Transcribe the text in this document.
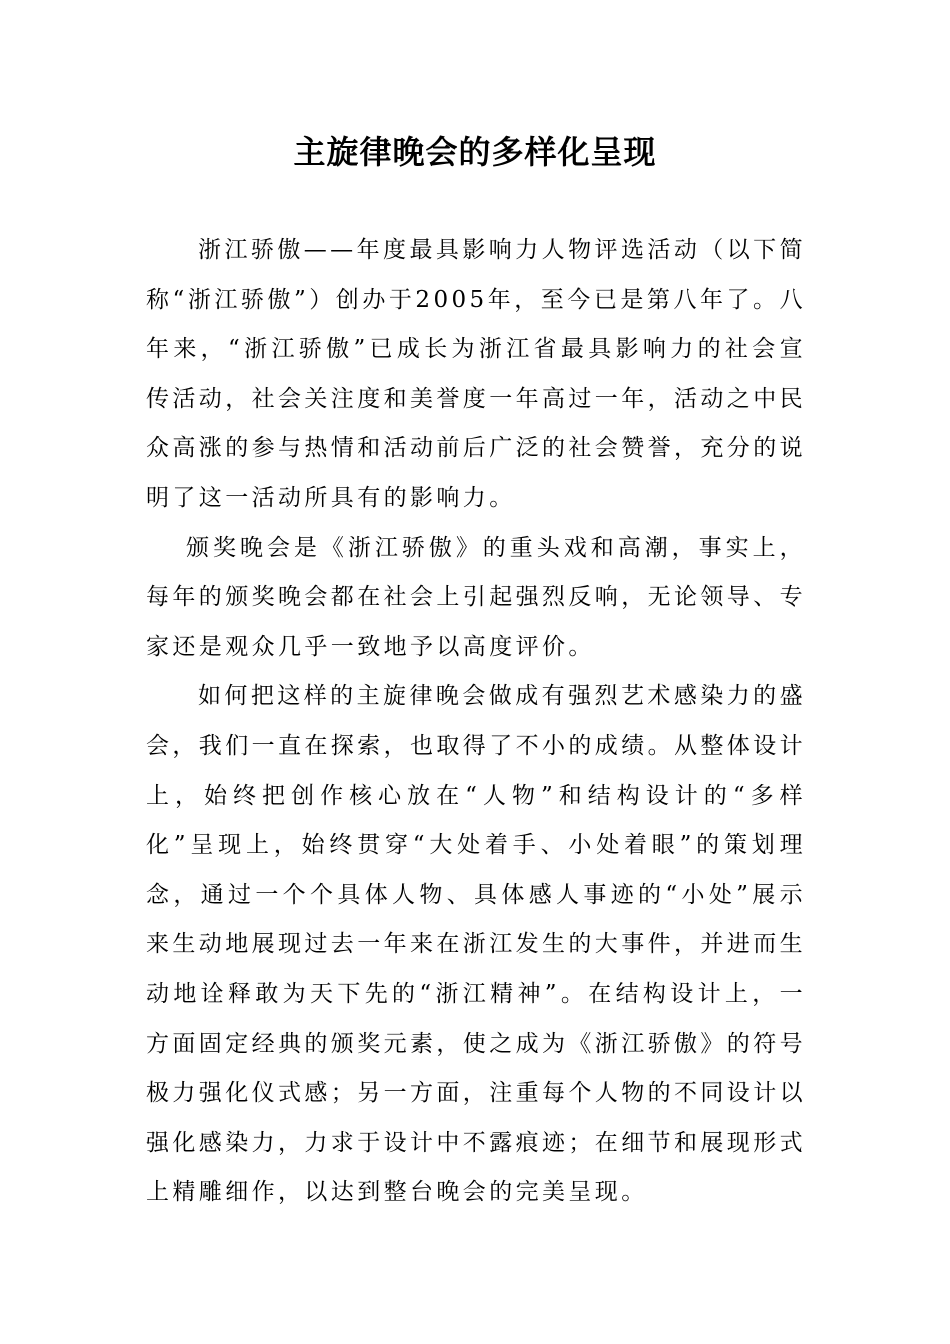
主旋律晚会的多样化呈现

浙江骄傲——年度最具影响力人物评选活动（以下简称“浙江骄傲”）创办于2005年，至今已是第八年了。八年来，“浙江骄傲”已成长为浙江省最具影响力的社会宣传活动，社会关注度和美誉度一年高过一年，活动之中民众高涨的参与热情和活动前后广泛的社会赞誉，充分的说明了这一活动所具有的影响力。

颁奖晚会是《浙江骄傲》的重头戏和高潮，事实上，每年的颁奖晚会都在社会上引起强烈反响，无论领导、专家还是观众几乎一致地予以高度评价。

如何把这样的主旋律晚会做成有强烈艺术感染力的盛会，我们一直在探索，也取得了不小的成绩。从整体设计上，始终把创作核心放在“人物”和结构设计的“多样化”呈现上，始终贯穿“大处着手、小处着眼”的策划理念，通过一个个具体人物、具体感人事迹的“小处”展示来生动地展现过去一年来在浙江发生的大事件，并进而生动地诠释敢为天下先的“浙江精神”。在结构设计上，一方面固定经典的颁奖元素，使之成为《浙江骄傲》的符号极力强化仪式感；另一方面，注重每个人物的不同设计以强化感染力，力求于设计中不露痕迹；在细节和展现形式上精雕细作，以达到整台晚会的完美呈现。
